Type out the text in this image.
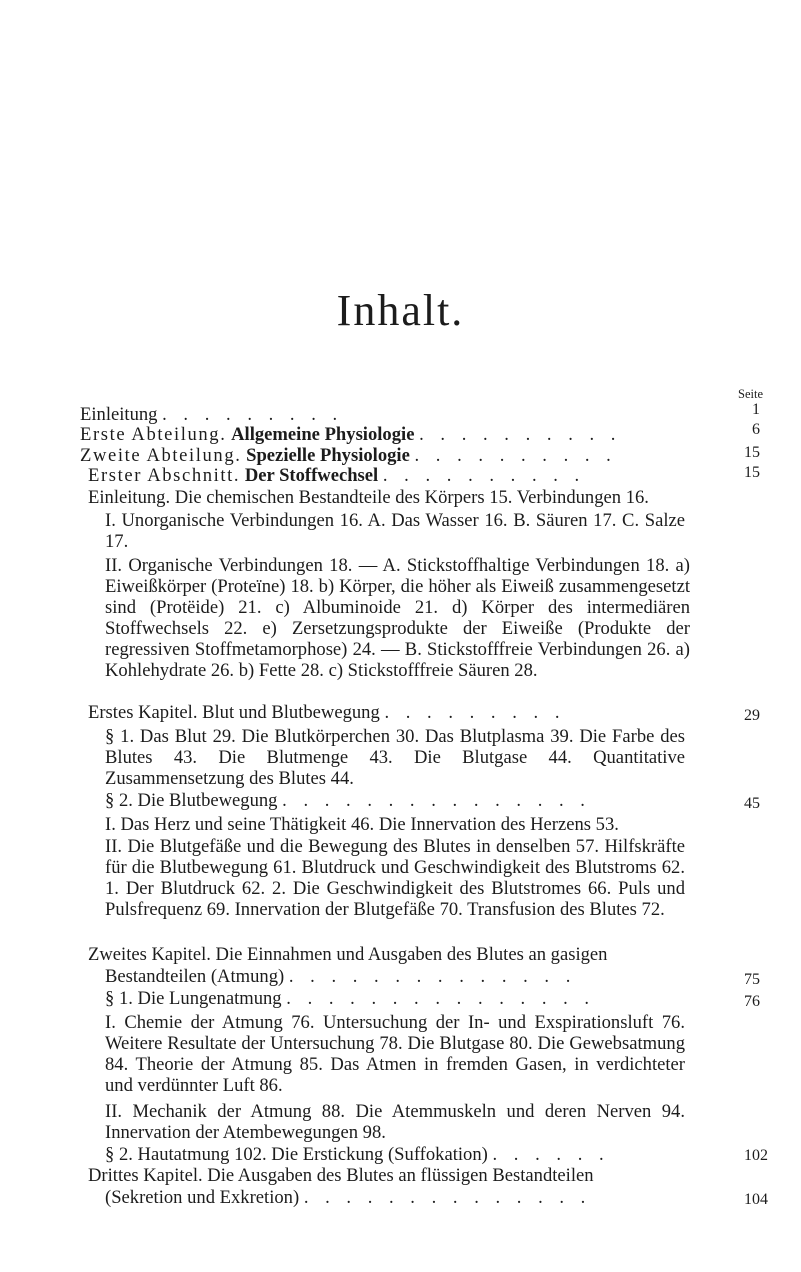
Inhalt.
Seite
Einleitung . . . . . . . . .	1
Erste Abteilung. Allgemeine Physiologie . . . . . . . . . .	6
Zweite Abteilung. Spezielle Physiologie . . . . . . . . . .	15
Erster Abschnitt. Der Stoffwechsel . . . . . . . . . .	15
Einleitung. Die chemischen Bestandteile des Körpers 15. Verbindungen 16.
I. Unorganische Verbindungen 16. A. Das Wasser 16. B. Säuren 17. C. Salze 17.
II. Organische Verbindungen 18. — A. Stickstoffhaltige Verbindungen 18. a) Eiweißkörper (Proteïne) 18. b) Körper, die höher als Eiweiß zusammengesetzt sind (Protëide) 21. c) Albuminoide 21. d) Körper des intermediären Stoffwechsels 22. e) Zersetzungsprodukte der Eiweiße (Produkte der regressiven Stoffmetamorphose) 24. — B. Stickstofffreie Verbindungen 26. a) Kohlehydrate 26. b) Fette 28. c) Stickstofffreie Säuren 28.
Erstes Kapitel. Blut und Blutbewegung . . . . . . . . .	29
§ 1. Das Blut 29. Die Blutkörperchen 30. Das Blutplasma 39. Die Farbe des Blutes 43. Die Blutmenge 43. Die Blutgase 44. Quantitative Zusammensetzung des Blutes 44.
§ 2. Die Blutbewegung . . . . . . . . . . . . . . .	45
I. Das Herz und seine Thätigkeit 46. Die Innervation des Herzens 53.
II. Die Blutgefäße und die Bewegung des Blutes in denselben 57. Hilfskräfte für die Blutbewegung 61. Blutdruck und Geschwindigkeit des Blutstroms 62. 1. Der Blutdruck 62. 2. Die Geschwindigkeit des Blutstromes 66. Puls und Pulsfrequenz 69. Innervation der Blutgefäße 70. Transfusion des Blutes 72.
Zweites Kapitel. Die Einnahmen und Ausgaben des Blutes an gasigen
Bestandteilen (Atmung) . . . . . . . . . . . . . .	75
§ 1. Die Lungenatmung . . . . . . . . . . . . . . .	76
I. Chemie der Atmung 76. Untersuchung der In- und Exspirationsluft 76. Weitere Resultate der Untersuchung 78. Die Blutgase 80. Die Gewebsatmung 84. Theorie der Atmung 85. Das Atmen in fremden Gasen, in verdichteter und verdünnter Luft 86.
II. Mechanik der Atmung 88. Die Atemmuskeln und deren Nerven 94. Innervation der Atembewegungen 98.
§ 2. Hautatmung 102. Die Erstickung (Suffokation) . . . . . .	102
Drittes Kapitel. Die Ausgaben des Blutes an flüssigen Bestandteilen
(Sekretion und Exkretion) . . . . . . . . . . . . . .	104
